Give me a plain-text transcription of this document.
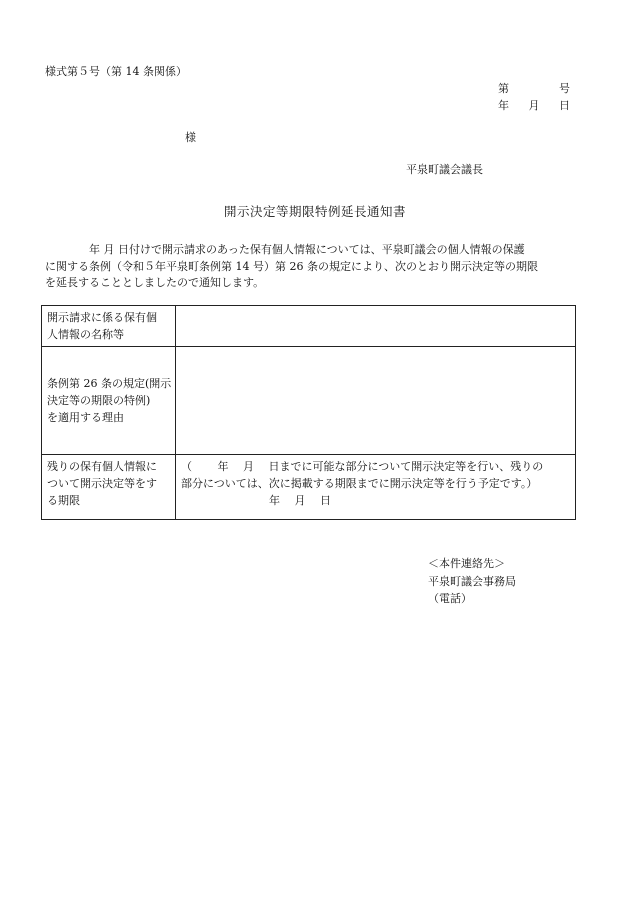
様式第５号（第 14 条関係）
第	号
年 月 日
様
平泉町議会議長
開示決定等期限特例延長通知書
　　　　年 月 日付けで開示請求のあった保有個人情報については、平泉町議会の個人情報の保護
に関する条例（令和５年平泉町条例第 14 号）第 26 条の規定により、次のとおり開示決定等の期限
を延長することとしましたので通知します。
開示請求に係る保有個
人情報の名称等	

条例第 26 条の規定(開示
決定等の期限の特例)
を適用する理由	

残りの保有個人情報に
ついて開示決定等をす
る期限	（　　 年　 月　 日までに可能な部分について開示決定等を行い、残りの
部分については、次に掲載する期限までに開示決定等を行う予定です。）
　　　　　　　　年　 月　 日
＜本件連絡先＞
平泉町議会事務局
（電話）
